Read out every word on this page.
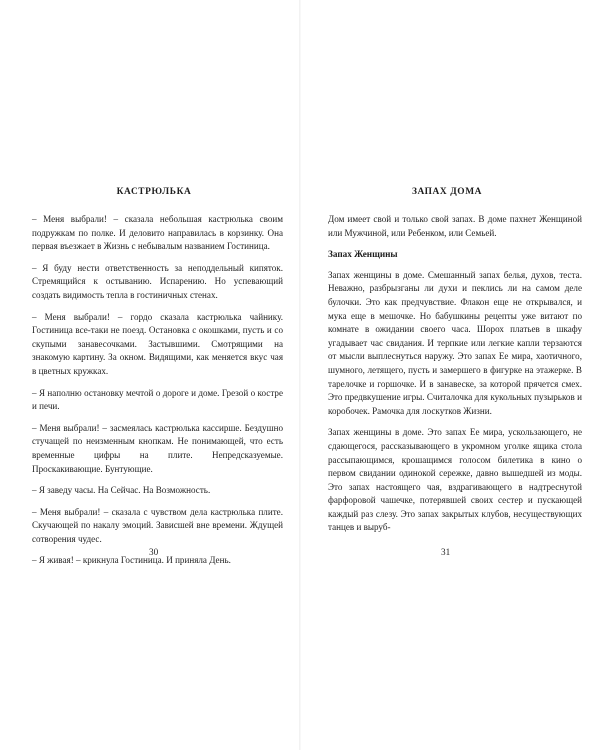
КАСТРЮЛЬКА

– Меня выбрали! – сказала небольшая кастрюлька своим подружкам по полке. И деловито направилась в корзинку. Она первая въезжает в Жизнь с небывалым названием Гостиница.

– Я буду нести ответственность за неподдельный кипяток. Стремящийся к остыванию. Испарению. Но успевающий создать видимость тепла в гостиничных стенах.

– Меня выбрали! – гордо сказала кастрюлька чайнику. Гостиница все-таки не поезд. Остановка с окошками, пусть и со скупыми занавесочками. Застывшими. Смотрящими на знакомую картину. За окном. Видящими, как меняется вкус чая в цветных кружках.

– Я наполню остановку мечтой о дороге и доме. Грезой о костре и печи.

– Меня выбрали! – засмеялась кастрюлька кассирше. Бездушно стучащей по неизменным кнопкам. Не понимающей, что есть временные цифры на плите. Непредсказуемые. Проскакивающие. Бунтующие.

– Я заведу часы. На Сейчас. На Возможность.

– Меня выбрали! – сказала с чувством дела кастрюлька плите. Скучающей по накалу эмоций. Зависшей вне времени. Ждущей сотворения чудес.

– Я живая! – крикнула Гостиница. И приняла День.

30
ЗАПАХ ДОМА

Дом имеет свой и только свой запах. В доме пахнет Женщиной или Мужчиной, или Ребенком, или Семьей.

Запах Женщины

Запах женщины в доме. Смешанный запах белья, духов, теста. Неважно, разбрызганы ли духи и пеклись ли на самом деле булочки. Это как предчувствие. Флакон еще не открывался, и мука еще в мешочке. Но бабушкины рецепты уже витают по комнате в ожидании своего часа. Шорох платьев в шкафу угадывает час свидания. И терпкие или легкие капли терзаются от мысли выплеснуться наружу. Это запах Ее мира, хаотичного, шумного, летящего, пусть и замершего в фигурке на этажерке. В тарелочке и горшочке. И в занавеске, за которой прячется смех. Это предвкушение игры. Считалочка для кукольных пузырьков и коробочек. Рамочка для лоскутков Жизни.

Запах женщины в доме. Это запах Ее мира, ускользающего, не сдающегося, рассказывающего в укромном уголке ящика стола рассыпающимся, крошащимся голосом билетика в кино о первом свидании одинокой сережке, давно вышедшей из моды. Это запах настоящего чая, вздрагивающего в надтреснутой фарфоровой чашечке, потерявшей своих сестер и пускающей каждый раз слезу. Это запах закрытых клубов, несуществующих танцев и выруб-

31
